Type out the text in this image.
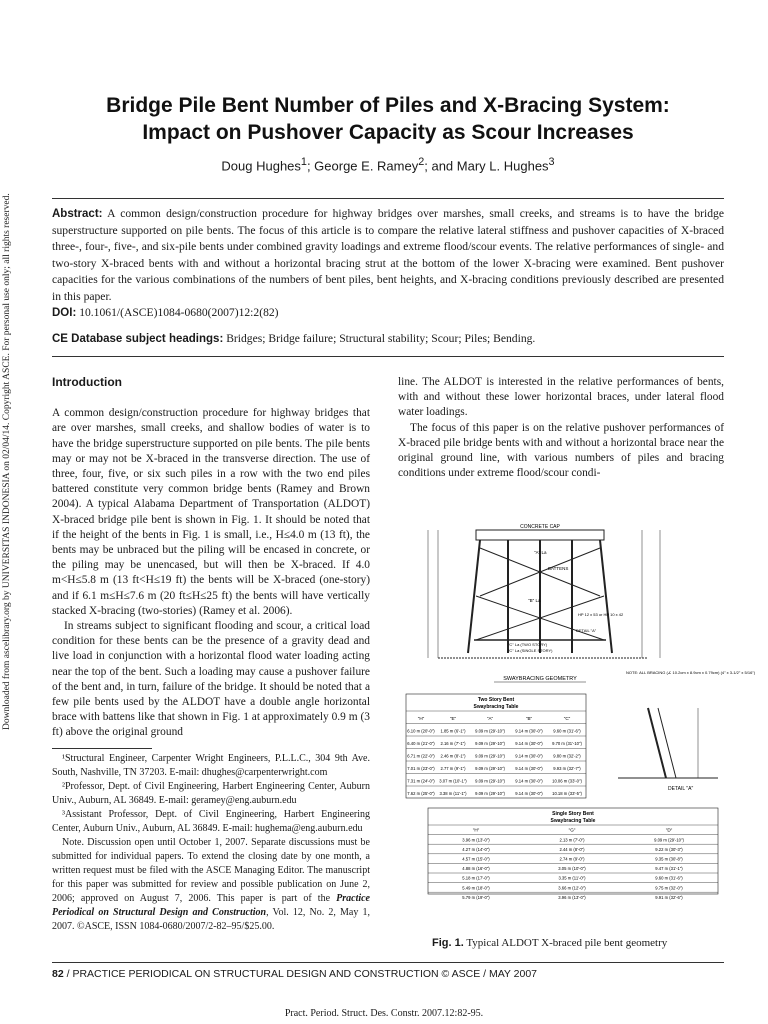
Downloaded from ascelibrary.org by UNIVERSITAS INDONESIA on 02/04/14. Copyright ASCE. For personal use only; all rights reserved.
Bridge Pile Bent Number of Piles and X-Bracing System:
Impact on Pushover Capacity as Scour Increases
Doug Hughes$^1$; George E. Ramey$^2$; and Mary L. Hughes$^3$

Abstract: A common design/construction procedure for highway bridges over marshes, small creeks, and streams is to have the bridge superstructure supported on pile bents. The focus of this article is to compare the relative lateral stiffness and pushover capacities of X-braced three-, four-, five-, and six-pile bents under combined gravity loadings and extreme flood/scour events. The relative performances of single- and two-story X-braced bents with and without a horizontal bracing strut at the bottom of the lower X-bracing were examined. Bent pushover capacities for the various combinations of the numbers of bent piles, bent heights, and X-bracing conditions previously described are presented in this paper.

DOI: 10.1061/(ASCE)1084-0680(2007)12:2(82)
CE Database subject headings: Bridges; Bridge failure; Structural stability; Scour; Piles; Bending.
Introduction

A common design/construction procedure for highway bridges that are over marshes, small creeks, and shallow bodies of water is to have the bridge superstructure supported on pile bents. The pile bents may or may not be X-braced in the transverse direction. The use of three, four, five, or six such piles in a row with the two end piles battered constitute very common bridge bents (Ramey and Brown 2004). A typical Alabama Department of Transportation (ALDOT) X-braced bridge pile bent is shown in Fig. 1. It should be noted that if the height of the bents in Fig. 1 is small, i.e., H≤4.0 m (13 ft), the bents may be unbraced but the piling will be encased in concrete, or the piling may be unencased, but will then be X-braced. If 4.0 m<H≤5.8 m (13 ft<H≤19 ft) the bents will be X-braced (one-story) and if 6.1 m≤H≤7.6 m (20 ft≤H≤25 ft) the bents will have vertically stacked X-bracing (two-stories) (Ramey et al. 2006).

In streams subject to significant flooding and scour, a critical load condition for these bents can be the presence of a gravity dead and live load in conjunction with a horizontal flood water loading acting near the top of the bent. Such a loading may cause a pushover failure of the bent and, in turn, failure of the bridge. It should be noted that a few pile bents used by the ALDOT have a double angle horizontal brace with battens like that shown in Fig. 1 at approximately 0.9 m (3 ft) above the original ground

line. The ALDOT is interested in the relative performances of bents, with and without these lower horizontal braces, under lateral flood water loadings.

The focus of this paper is on the relative pushover performances of X-braced pile bridge bents with and without a horizontal brace near the original ground line, with various numbers of piles and bracing conditions under extreme flood/scour condi-

¹Structural Engineer, Carpenter Wright Engineers, P.L.L.C., 304 9th Ave. South, Nashville, TN 37203. E-mail: dhughes@carpenterwright.com

²Professor, Dept. of Civil Engineering, Harbert Engineering Center, Auburn Univ., Auburn, AL 36849. E-mail: geramey@eng.auburn.edu

³Assistant Professor, Dept. of Civil Engineering, Harbert Engineering Center, Auburn Univ., Auburn, AL 36849. E-mail: hughema@eng.auburn.edu

Note. Discussion open until October 1, 2007. Separate discussions must be submitted for individual papers. To extend the closing date by one month, a written request must be filed with the ASCE Managing Editor. The manuscript for this paper was submitted for review and possible publication on June 2, 2006; approved on August 7, 2006. This paper is part of the Practice Periodical on Structural Design and Construction, Vol. 12, No. 2, May 1, 2007. ©ASCE, ISSN 1084-0680/2007/2-82–95/$25.00.

CONCRETE CAP
"A" La
BATTENS
"B" La
HP 12 x 53 or HP 10 x 42
DETAIL "A"
"C" La (TWO STORY)
"C" La (SINGLE STORY)
SWAYBRACING GEOMETRY
NOTE: ALL BRACING (∠ 10.2cm x 8.9cm x 0.79cm) (4" x 3-1/2" x 5/16")
Two Story Bent
Swaybracing Table
"H"	"E"	"A"	"B"	"C"
6.10 m (20'-0") 1.85 m (6'-1") 9.09 m (29'-10") 9.14 m (30'-0")	9.60 m (31'-6")
6.40 m (21'-0") 2.16 m (7'-1") 9.09 m (29'-10") 9.14 m (30'-0") 9.70 m (31'-10")
6.71 m (22'-0") 2.46 m (8'-1") 9.09 m (29'-10") 9.14 m (30'-0")	9.80 m (32'-2")
7.01 m (23'-0") 2.77 m (9'-1") 9.09 m (29'-10") 9.14 m (30'-0")	9.93 m (32'-7")
7.31 m (24'-0") 3.07 m (10'-1") 9.09 m (29'-10") 9.14 m (30'-0") 10.06 m (33'-0")
7.62 m (25'-0") 3.38 m (11'-1") 9.09 m (29'-10") 9.14 m (30'-0") 10.18 m (33'-5")
DETAIL "A"
Single Story Bent
Swaybracing Table
"H"	"G"	"D"
3.96 m (13'-0")	2.13 m (7'-0")	9.09 m (29'-10")
4.27 m (14'-0")	2.44 m (8'-0")	9.22 m (30'-3")
4.57 m (15'-0")	2.74 m (9'-0")	9.35 m (30'-8")
4.88 m (16'-0")	3.05 m (10'-0")	9.47 m (31'-1")
5.18 m (17'-0")	3.35 m (11'-0")	9.60 m (31'-6")
5.49 m (18'-0")	3.66 m (12'-0")	9.75 m (32'-0")
5.79 m (19'-0")	3.96 m (13'-0")	9.91 m (32'-6")
Fig. 1. Typical ALDOT X-braced pile bent geometry
82 / PRACTICE PERIODICAL ON STRUCTURAL DESIGN AND CONSTRUCTION © ASCE / MAY 2007
Pract. Period. Struct. Des. Constr. 2007.12:82-95.
